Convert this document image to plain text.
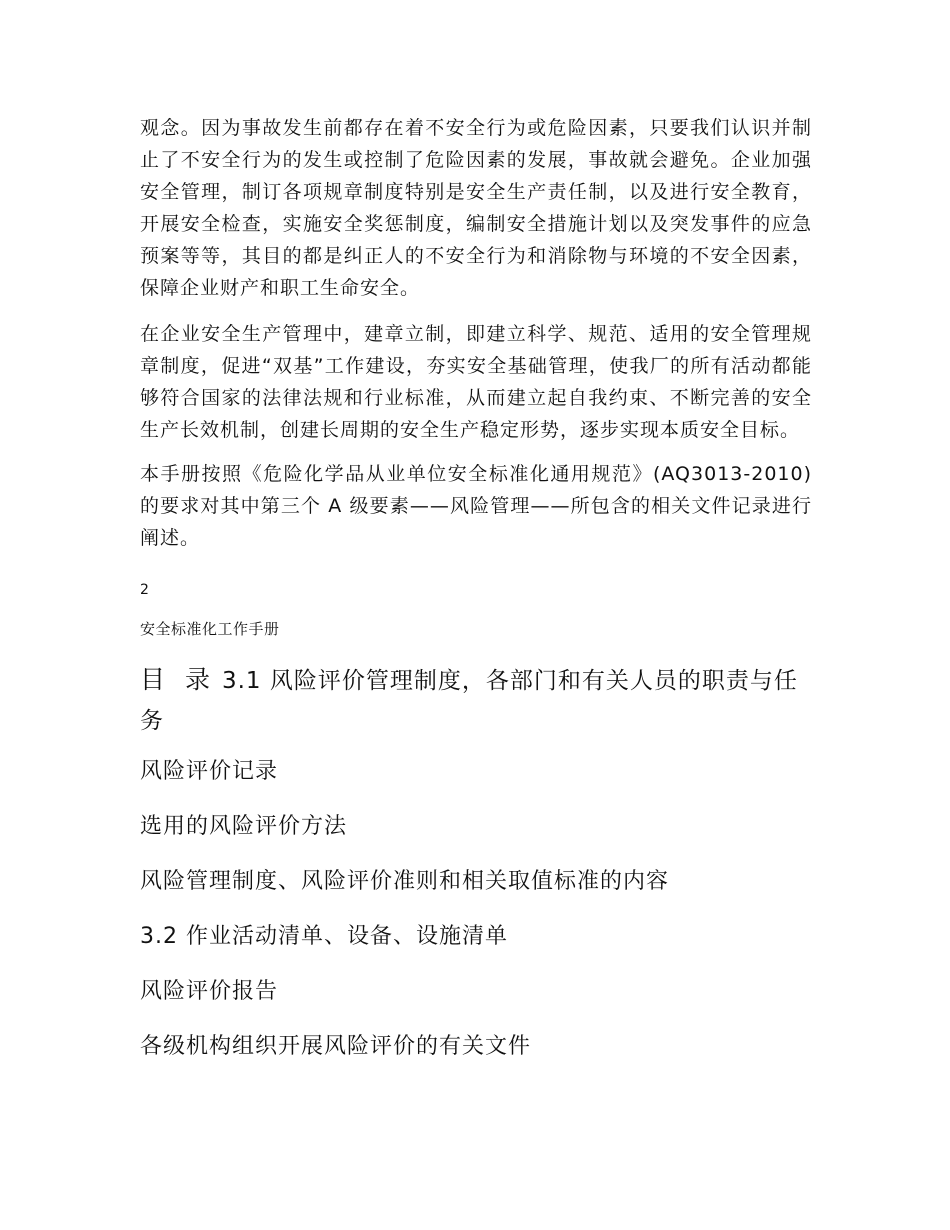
观念。因为事故发生前都存在着不安全行为或危险因素，只要我们认识并制止了不安全行为的发生或控制了危险因素的发展，事故就会避免。企业加强安全管理，制订各项规章制度特别是安全生产责任制，以及进行安全教育，开展安全检查，实施安全奖惩制度，编制安全措施计划以及突发事件的应急预案等等，其目的都是纠正人的不安全行为和消除物与环境的不安全因素，保障企业财产和职工生命安全。

在企业安全生产管理中，建章立制，即建立科学、规范、适用的安全管理规章制度，促进“双基”工作建设，夯实安全基础管理，使我厂的所有活动都能够符合国家的法律法规和行业标准，从而建立起自我约束、不断完善的安全生产长效机制，创建长周期的安全生产稳定形势，逐步实现本质安全目标。

本手册按照《危险化学品从业单位安全标准化通用规范》(AQ3013-2010)的要求对其中第三个 A 级要素——风险管理——所包含的相关文件记录进行阐述。

2
安全标准化工作手册
目 录 3.1 风险评价管理制度，各部门和有关人员的职责与任务
风险评价记录
选用的风险评价方法
风险管理制度、风险评价准则和相关取值标准的内容
3.2 作业活动清单、设备、设施清单
风险评价报告
各级机构组织开展风险评价的有关文件
